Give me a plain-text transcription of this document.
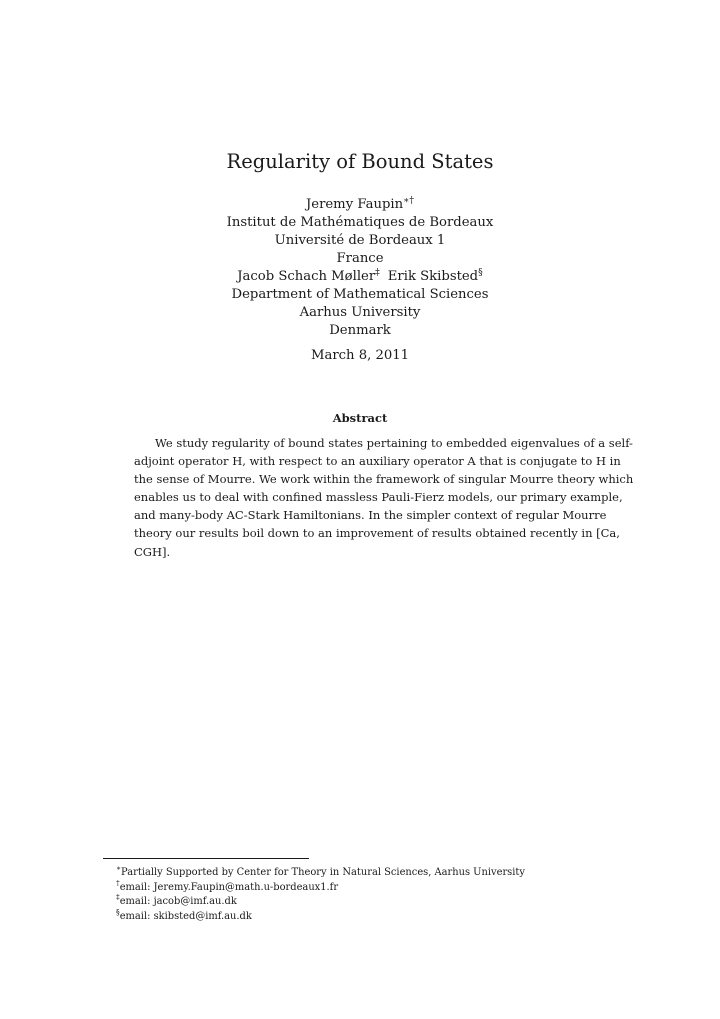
Regularity of Bound States
Jeremy Faupin∗†
Institut de Mathématiques de Bordeaux
Université de Bordeaux 1
France
Jacob Schach Møller‡ Erik Skibsted§
Department of Mathematical Sciences
Aarhus University
Denmark
March 8, 2011
Abstract
We study regularity of bound states pertaining to embedded eigenvalues of a self-
adjoint operator H, with respect to an auxiliary operator A that is conjugate to H in
the sense of Mourre. We work within the framework of singular Mourre theory which
enables us to deal with confined massless Pauli-Fierz models, our primary example,
and many-body AC-Stark Hamiltonians. In the simpler context of regular Mourre
theory our results boil down to an improvement of results obtained recently in [Ca,
CGH].
∗Partially Supported by Center for Theory in Natural Sciences, Aarhus University
†email: Jeremy.Faupin@math.u-bordeaux1.fr
‡email: jacob@imf.au.dk
§email: skibsted@imf.au.dk
